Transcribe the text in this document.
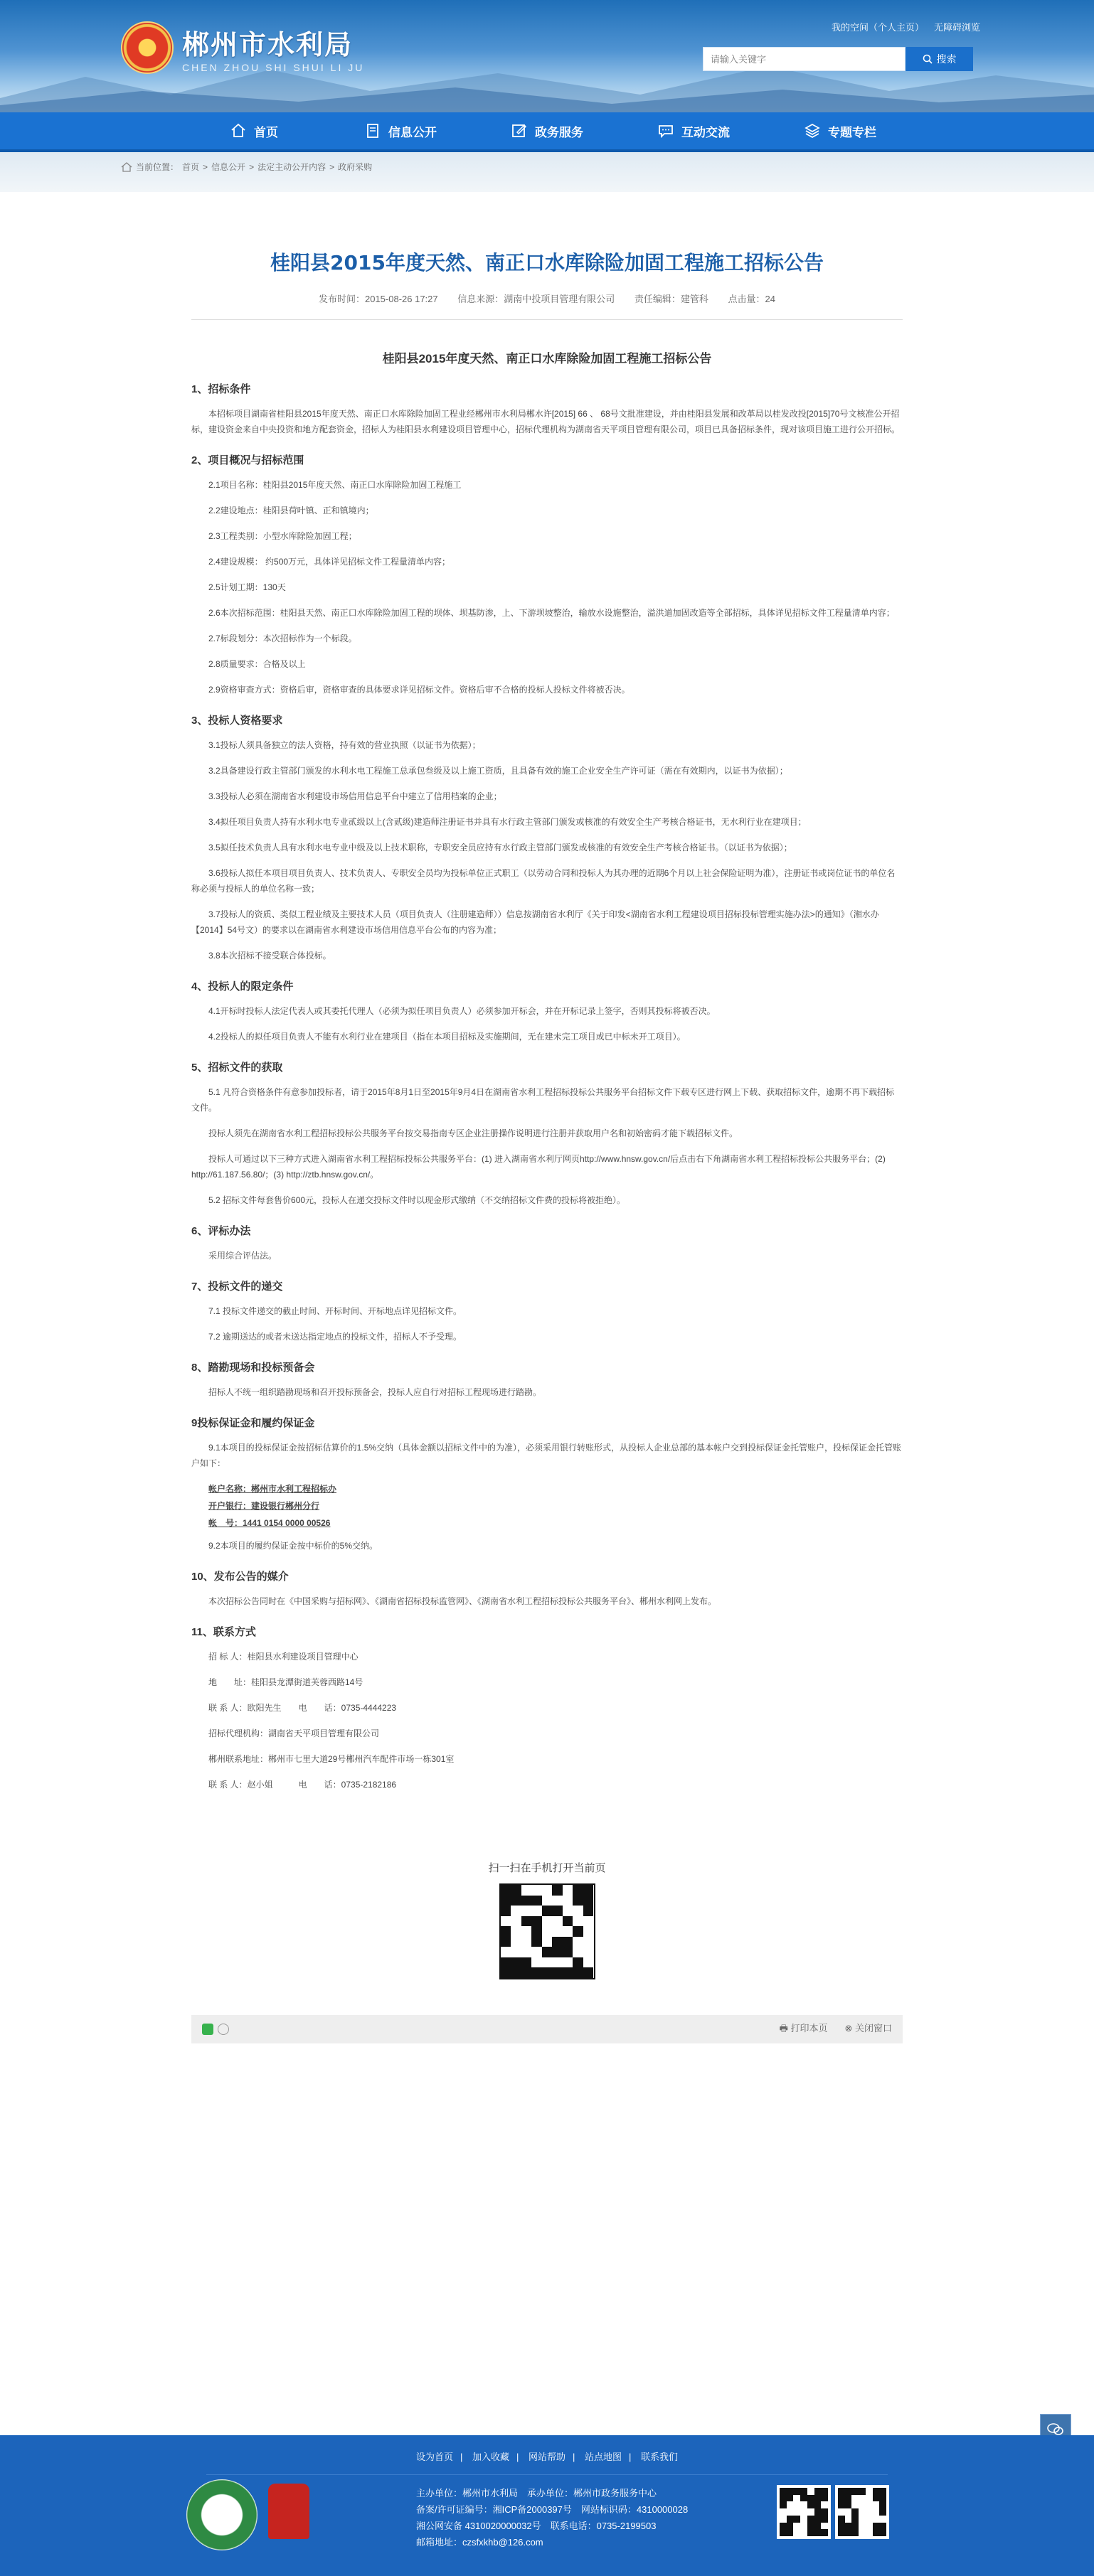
郴州市水利局
CHEN ZHOU SHI SHUI LI JU
我的空间（个人主页） 无障碍浏览
请输入关键字
搜索
首页	信息公开	政务服务	互动交流	专题专栏
当前位置： 首页 > 信息公开 > 法定主动公开内容 > 政府采购
桂阳县2015年度天然、南正口水库除险加固工程施工招标公告
发布时间：2015-08-26 17:27 信息来源：湖南中投项目管理有限公司 责任编辑：建管科 点击量：24
桂阳县2015年度天然、南正口水库除险加固工程施工招标公告
1、招标条件
本招标项目湖南省桂阳县2015年度天然、南正口水库除险加固工程业经郴州市水利局郴水许[2015] 66 、 68号文批准建设，并由桂阳县发展和改革局以桂发改投[2015]70号文核准公开招标，建设资金来自中央投资和地方配套资金，招标人为桂阳县水利建设项目管理中心，招标代理机构为湖南省天平项目管理有限公司，项目已具备招标条件，现对该项目施工进行公开招标。
2、项目概况与招标范围
2.1项目名称：桂阳县2015年度天然、南正口水库除险加固工程施工
2.2建设地点：桂阳县荷叶镇、正和镇境内；
2.3工程类别：小型水库除险加固工程；
2.4建设规模： 约500万元，具体详见招标文件工程量清单内容；
2.5计划工期：130天
2.6本次招标范围：桂阳县天然、南正口水库除险加固工程的坝体、坝基防渗，上、下游坝坡整治，输放水设施整治，溢洪道加固改造等全部招标，具体详见招标文件工程量清单内容；
2.7标段划分：本次招标作为一个标段。
2.8质量要求：合格及以上
2.9资格审查方式：资格后审，资格审查的具体要求详见招标文件。资格后审不合格的投标人投标文件将被否决。
3、投标人资格要求
3.1投标人须具备独立的法人资格，持有效的营业执照（以证书为依据）；
3.2具备建设行政主管部门颁发的水利水电工程施工总承包叁级及以上施工资质，且具备有效的施工企业安全生产许可证（需在有效期内，以证书为依据）；
3.3投标人必须在湖南省水利建设市场信用信息平台中建立了信用档案的企业；
3.4拟任项目负责人持有水利水电专业贰级以上(含贰级)建造师注册证书并具有水行政主管部门颁发或核准的有效安全生产考核合格证书，无水利行业在建项目；
3.5拟任技术负责人具有水利水电专业中级及以上技术职称，专职安全员应持有水行政主管部门颁发或核准的有效安全生产考核合格证书。（以证书为依据）；
3.6投标人拟任本项目项目负责人、技术负责人、专职安全员均为投标单位正式职工（以劳动合同和投标人为其办理的近期6个月以上社会保险证明为准），注册证书或岗位证书的单位名称必须与投标人的单位名称一致；
3.7投标人的资质、类似工程业绩及主要技术人员（项目负责人（注册建造师））信息按湖南省水利厅《关于印发<湖南省水利工程建设项目招标投标管理实施办法>的通知》（湘水办【2014】54号文）的要求以在湖南省水利建设市场信用信息平台公布的内容为准；
3.8本次招标不接受联合体投标。
4、投标人的限定条件
4.1开标时投标人法定代表人或其委托代理人（必须为拟任项目负责人）必须参加开标会，并在开标记录上签字，否则其投标将被否决。
4.2投标人的拟任项目负责人不能有水利行业在建项目（指在本项目招标及实施期间，无在建未完工项目或已中标未开工项目）。
5、招标文件的获取
5.1 凡符合资格条件有意参加投标者，请于2015年8月1日至2015年9月4日在湖南省水利工程招标投标公共服务平台招标文件下载专区进行网上下载、获取招标文件，逾期不再下载招标文件。
投标人须先在湖南省水利工程招标投标公共服务平台按交易指南专区企业注册操作说明进行注册并获取用户名和初始密码才能下载招标文件。
投标人可通过以下三种方式进入湖南省水利工程招标投标公共服务平台：(1) 进入湖南省水利厅网页http://www.hnsw.gov.cn/后点击右下角湖南省水利工程招标投标公共服务平台；(2) http://61.187.56.80/；(3) http://ztb.hnsw.gov.cn/。
5.2 招标文件每套售价600元，投标人在递交投标文件时以现金形式缴纳（不交纳招标文件费的投标将被拒绝）。
6、评标办法
采用综合评估法。
7、投标文件的递交
7.1 投标文件递交的截止时间、开标时间、开标地点详见招标文件。
7.2 逾期送达的或者未送达指定地点的投标文件，招标人不予受理。
8、踏勘现场和投标预备会
招标人不统一组织踏勘现场和召开投标预备会，投标人应自行对招标工程现场进行踏勘。
9投标保证金和履约保证金
9.1本项目的投标保证金按招标估算价的1.5%交纳（具体金额以招标文件中的为准），必须采用银行转账形式，从投标人企业总部的基本帐户交到投标保证金托管账户，投标保证金托管账户如下：
帐户名称：郴州市水利工程招标办
开户银行：建设银行郴州分行
帐　号：1441 0154 0000 00526
9.2本项目的履约保证金按中标价的5%交纳。
10、发布公告的媒介
本次招标公告同时在《中国采购与招标网》、《湖南省招标投标监管网》、《湖南省水利工程招标投标公共服务平台》、郴州水利网上发布。
11、联系方式
招 标 人：桂阳县水利建设项目管理中心
地　　址：桂阳县龙潭街道芙蓉西路14号
联 系 人：欧阳先生　　电　　话：0735-4444223
招标代理机构：湖南省天平项目管理有限公司
郴州联系地址：郴州市七里大道29号郴州汽车配件市场一栋301室
联 系 人：赵小姐　　　电　　话：0735-2182186
扫一扫在手机打开当前页
🖶 打印本页 ⊗ 关闭窗口
设为首页 | 加入收藏 | 网站帮助 | 站点地图 | 联系我们
主办单位：郴州市水利局　承办单位：郴州市政务服务中心
备案/许可证编号：湘ICP备2000397号　网站标识码：4310000028
湘公网安备 4310020000032号　联系电话：0735-2199503
邮箱地址：czsfxkhb@126.com
